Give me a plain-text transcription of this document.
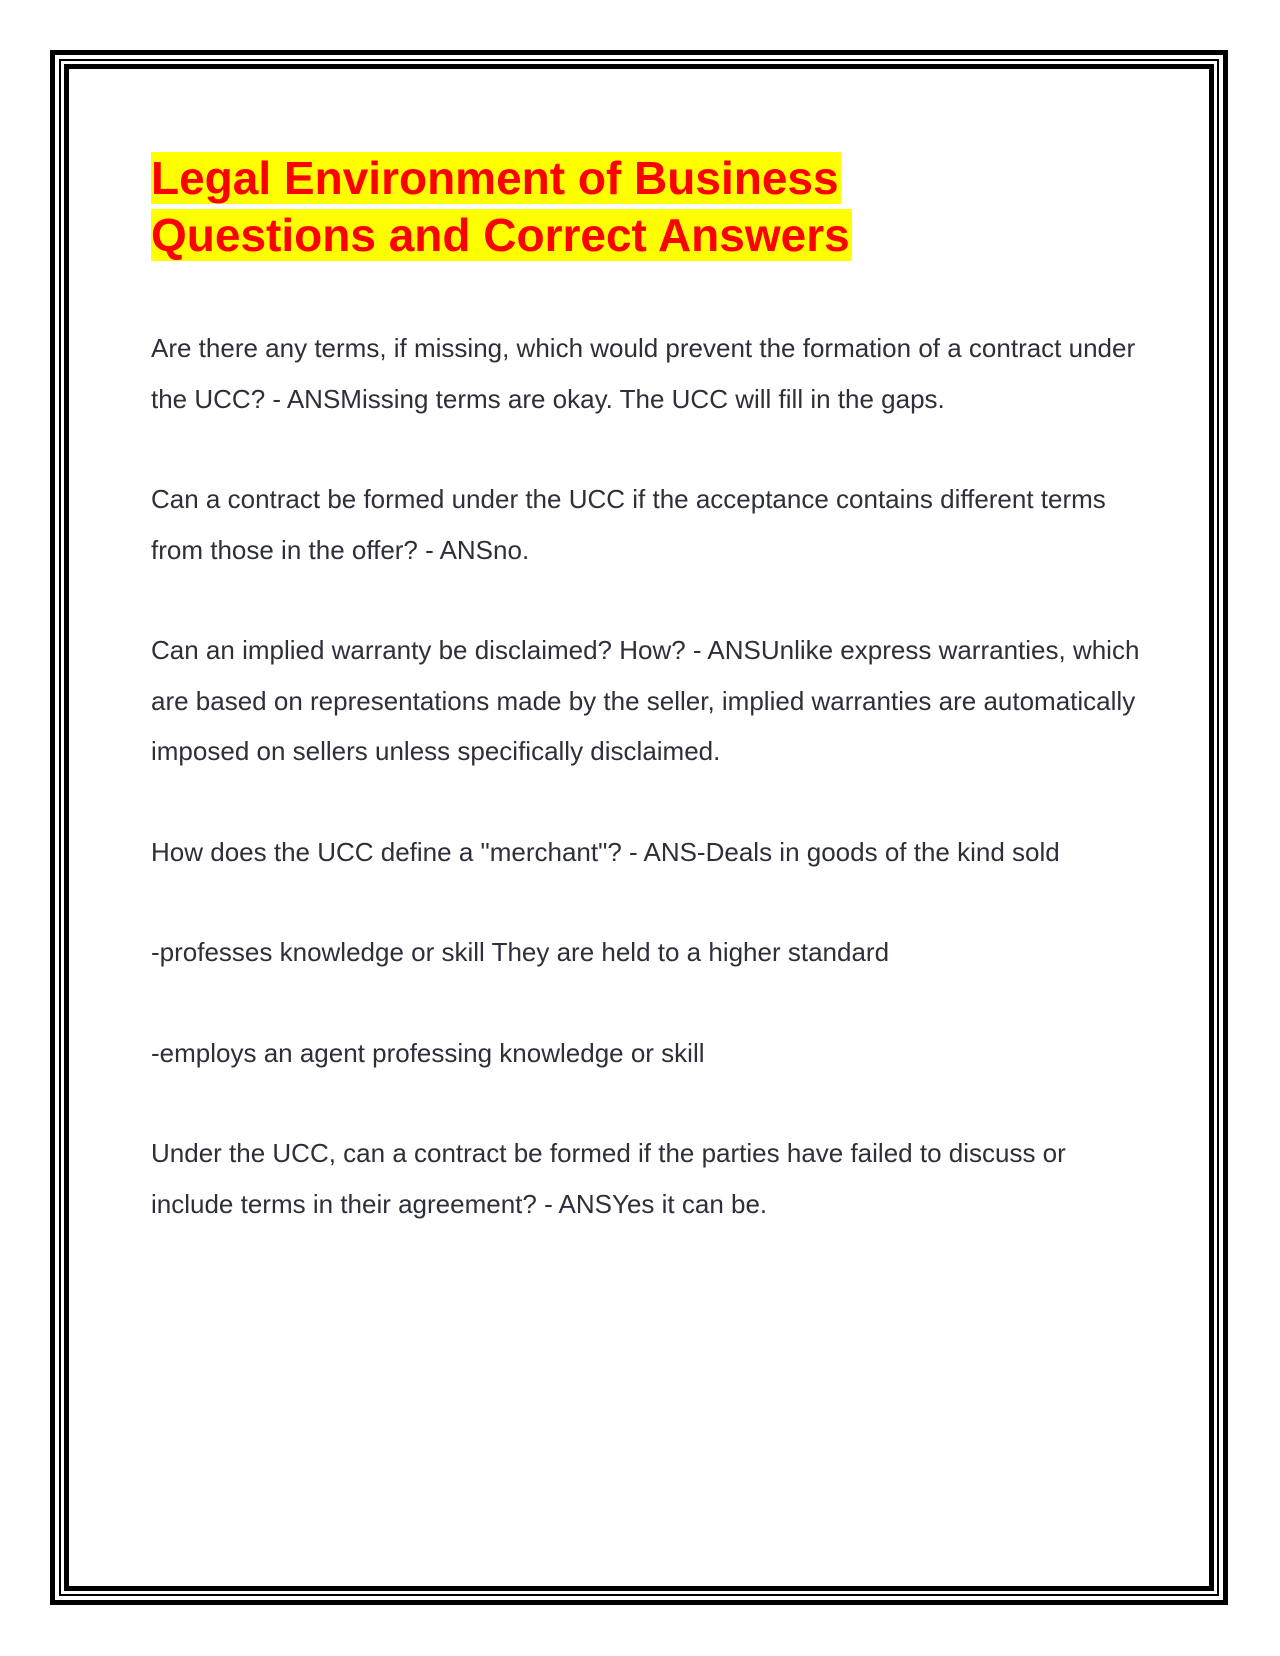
Legal Environment of Business
Questions and Correct Answers

Are there any terms, if missing, which would prevent the formation of a contract under the UCC? - ANSMissing terms are okay. The UCC will fill in the gaps.

Can a contract be formed under the UCC if the acceptance contains different terms from those in the offer? - ANSno.

Can an implied warranty be disclaimed? How? - ANSUnlike express warranties, which are based on representations made by the seller, implied warranties are automatically imposed on sellers unless specifically disclaimed.

How does the UCC define a "merchant"? - ANS-Deals in goods of the kind sold

-professes knowledge or skill They are held to a higher standard

-employs an agent professing knowledge or skill

Under the UCC, can a contract be formed if the parties have failed to discuss or include terms in their agreement? - ANSYes it can be.
